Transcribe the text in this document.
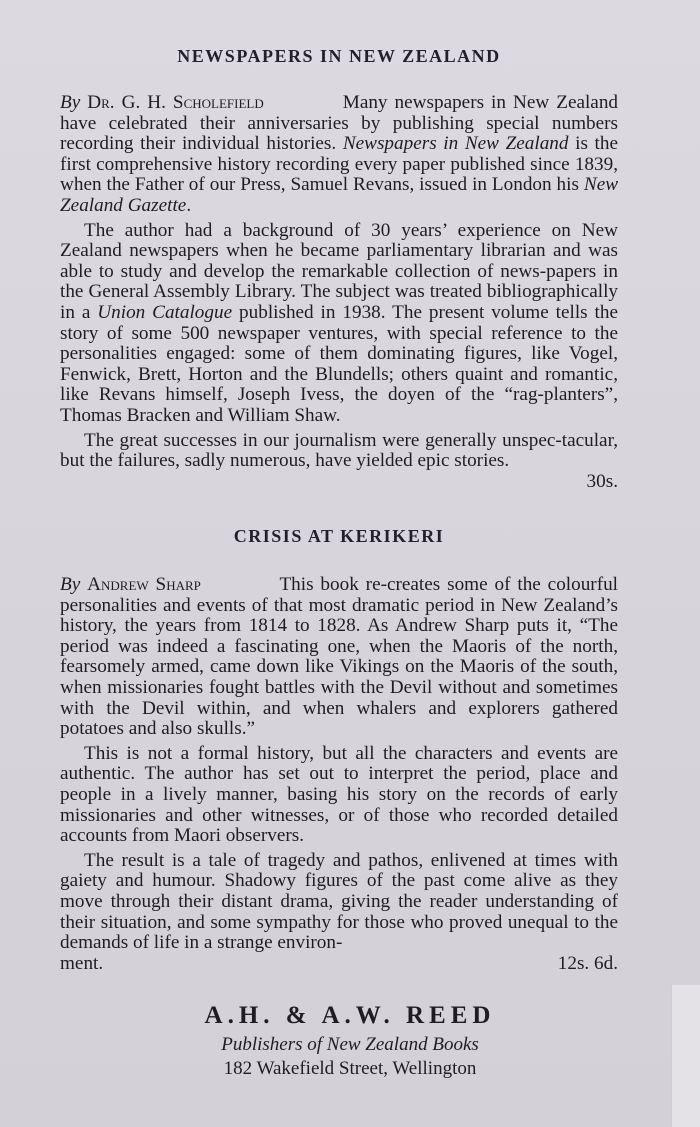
NEWSPAPERS IN NEW ZEALAND

By Dr. G. H. Scholefield	Many newspapers in New Zealand have celebrated their anniversaries by publishing special numbers recording their individual histories. Newspapers in New Zealand is the first comprehensive history recording every paper published since 1839, when the Father of our Press, Samuel Revans, issued in London his New Zealand Gazette.

The author had a background of 30 years’ experience on New Zealand newspapers when he became parliamentary librarian and was able to study and develop the remarkable collection of news-papers in the General Assembly Library. The subject was treated bibliographically in a Union Catalogue published in 1938. The present volume tells the story of some 500 newspaper ventures, with special reference to the personalities engaged: some of them dominating figures, like Vogel, Fenwick, Brett, Horton and the Blundells; others quaint and romantic, like Revans himself, Joseph Ivess, the doyen of the “rag-planters”, Thomas Bracken and William Shaw.

The great successes in our journalism were generally unspec-tacular, but the failures, sadly numerous, have yielded epic stories.

30s.
CRISIS AT KERIKERI

By Andrew Sharp	This book re-creates some of the colourful personalities and events of that most dramatic period in New Zealand’s history, the years from 1814 to 1828. As Andrew Sharp puts it, “The period was indeed a fascinating one, when the Maoris of the north, fearsomely armed, came down like Vikings on the Maoris of the south, when missionaries fought battles with the Devil without and sometimes with the Devil within, and when whalers and explorers gathered potatoes and also skulls.”

This is not a formal history, but all the characters and events are authentic. The author has set out to interpret the period, place and people in a lively manner, basing his story on the records of early missionaries and other witnesses, or of those who recorded detailed accounts from Maori observers.

The result is a tale of tragedy and pathos, enlivened at times with gaiety and humour. Shadowy figures of the past come alive as they move through their distant drama, giving the reader understanding of their situation, and some sympathy for those who proved unequal to the demands of life in a strange environ-

ment.	12s. 6d.
A.H. & A.W. REED
Publishers of New Zealand Books
182 Wakefield Street, Wellington
